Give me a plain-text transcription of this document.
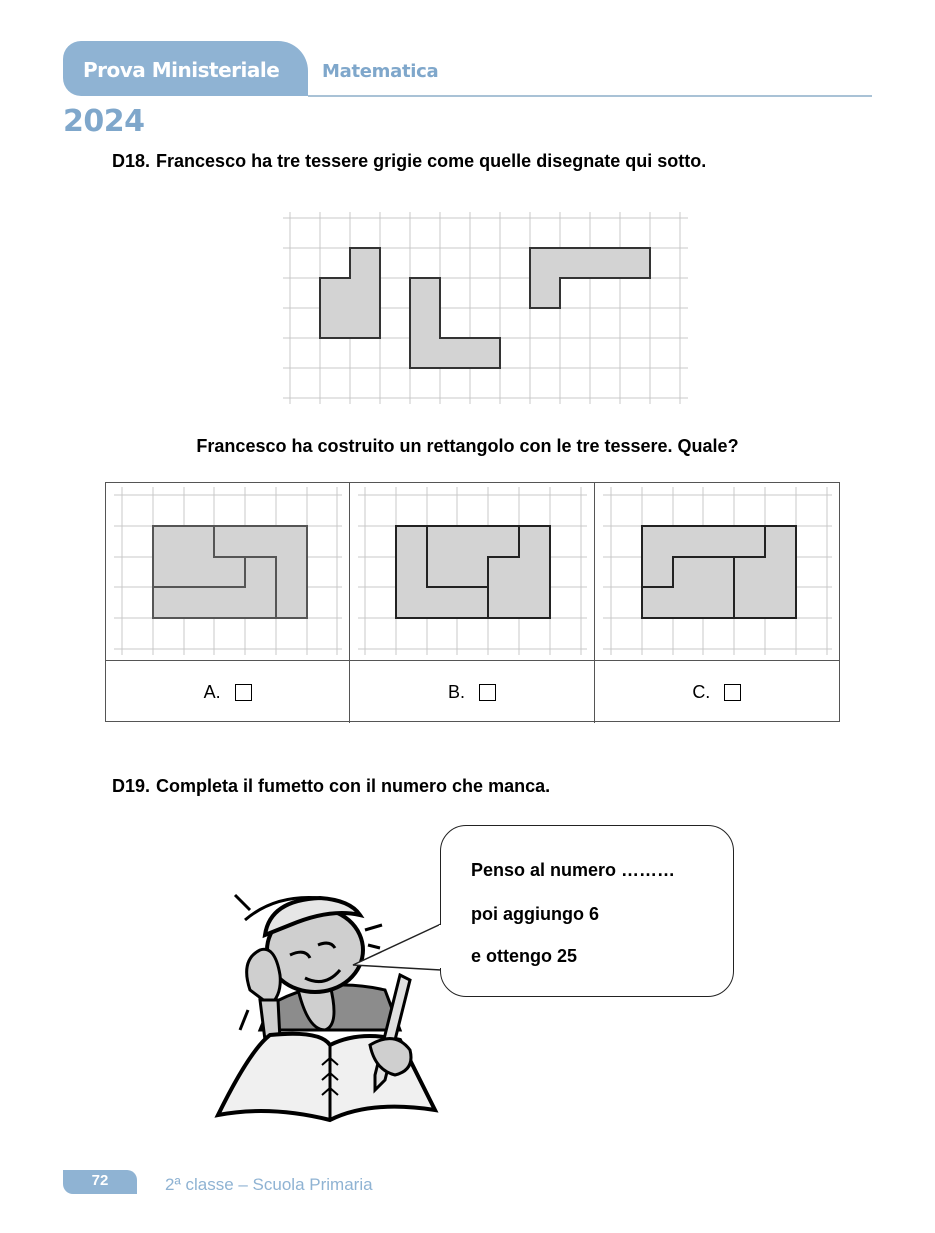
Prova Ministeriale Matematica
2024
D18. Francesco ha tre tessere grigie come quelle disegnate qui sotto.
Francesco ha costruito un rettangolo con le tre tessere. Quale?
A.	B.	C.
D19. Completa il fumetto con il numero che manca.
Penso al numero ………
poi aggiungo 6
e ottengo 25
72	2ª classe – Scuola Primaria
